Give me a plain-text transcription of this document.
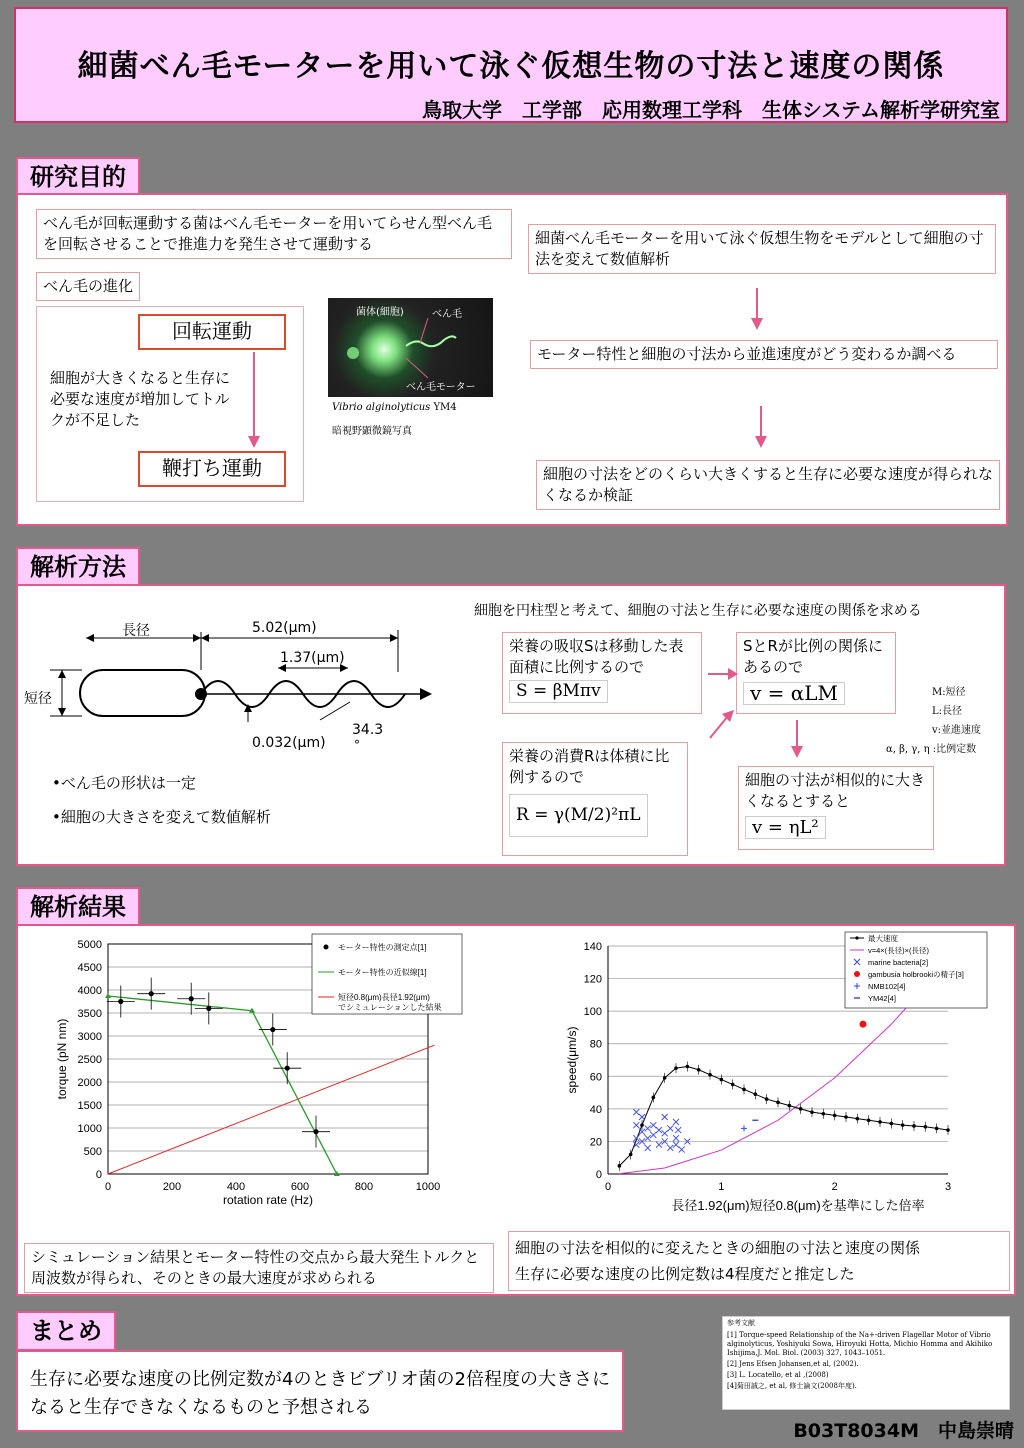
細菌べん毛モーターを用いて泳ぐ仮想生物の寸法と速度の関係
鳥取大学　工学部　応用数理工学科　生体システム解析学研究室
研究目的
べん毛が回転運動する菌はべん毛モーターを用いてらせん型べん毛を回転させることで推進力を発生させて運動する
べん毛の進化
回転運動
鞭打ち運動
細胞が大きくなると生存に必要な速度が増加してトルクが不足した
菌体(細胞)	べん毛
べん毛モーター
Vibrio alginolyticus YM4
暗視野顕微鏡写真
細菌べん毛モーターを用いて泳ぐ仮想生物をモデルとして細胞の寸法を変えて数値解析
モーター特性と細胞の寸法から並進速度がどう変わるか調べる
細胞の寸法をどのくらい大きくすると生存に必要な速度が得られなくなるか検証
解析方法
長径	5.02(μm)
1.37(μm)
短径
0.032(μm)
34.3
°
•べん毛の形状は一定
•細胞の大きさを変えて数値解析
細胞を円柱型と考えて、細胞の寸法と生存に必要な速度の関係を求める
栄養の吸収Sは移動した表面積に比例するので
S = βMπv
SとRが比例の関係にあるので
v = αLM
栄養の消費Rは体積に比例するので
R = γ(M/2)²πL
細胞の寸法が相似的に大きくなるとすると
v = ηL²
M:短径
L:長径
v:並進速度
α, β, γ, η :比例定数
解析結果
0
500
1000
1500
2000
2500
3000
3500
4000
4500
5000
0	200	400	600	800	1000
rotation rate (Hz)
torque (pN nm)
モーター特性の測定点[1]
モーター特性の近似線[1]
短径0.8(μm)長径1.92(μm)
でシミュレーションした結果
0
20
40
60
80
100
120
140
0	1	2	3
長径1.92(μm)短径0.8(μm)を基準にした倍率
speed(μm/s)
最大速度
v=4×(長径)×(長径)
marine bacteria[2]
gambusia holbrookiの精子[3]
NMB102[4]
YM42[4]
シミュレーション結果とモーター特性の交点から最大発生トルクと周波数が得られ、そのときの最大速度が求められる
細胞の寸法を相似的に変えたときの細胞の寸法と速度の関係
生存に必要な速度の比例定数は4程度だと推定した
まとめ
生存に必要な速度の比例定数が4のときビブリオ菌の2倍程度の大きさになると生存できなくなるものと予想される
参考文献
[1] Torque-speed Relationship of the Na+-driven Flagellar Motor of Vibrio alginolyticus, Yoshiyuki Sowa, Hiroyuki Hotta, Michio Homma and Akihiko Ishijima,J. Mol. Biol. (2003) 327, 1043–1051.
[2] Jens Efsen Johansen,et al, (2002).
[3] L. Locatello, et al ,(2008)
[4]菊田誠之, et al, 修士論文(2008年度).
B03T8034M　中島崇晴
